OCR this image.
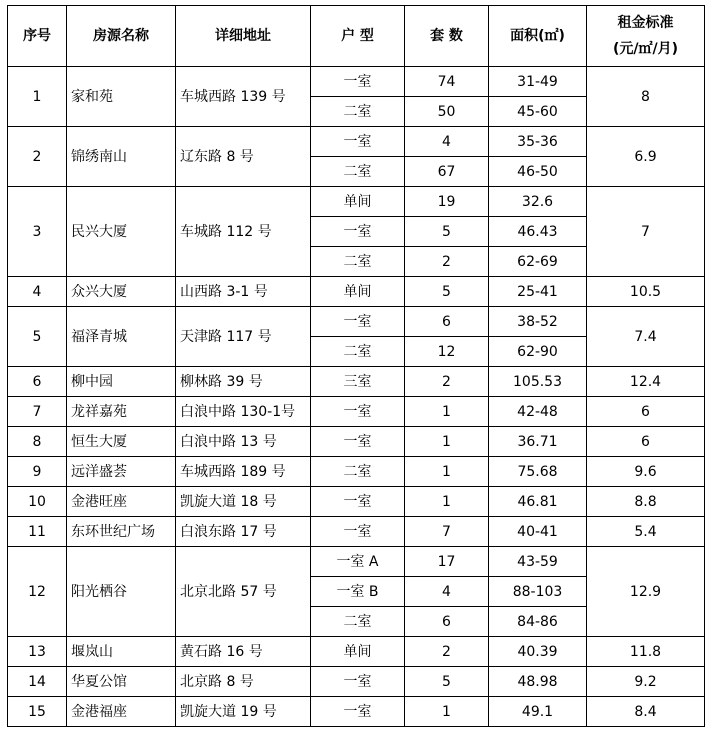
序号	房源名称	详细地址	户 型	套 数	面积(㎡)	租金标准
(元/㎡/月)

1	家和苑	车城西路 139 号	一室	74	31-49	8
			二室	50	45-60	
2	锦绣南山	辽东路 8 号	一室	4	35-36	6.9
			二室	67	46-50	
3	民兴大厦	车城路 112 号	单间	19	32.6	7
			一室	5	46.43	
			二室	2	62-69	
4	众兴大厦	山西路 3-1 号	单间	5	25-41	10.5
5	福泽青城	天津路 117 号	一室	6	38-52	7.4
			二室	12	62-90	
6	柳中园	柳林路 39 号	三室	2	105.53	12.4
7	龙祥嘉苑	白浪中路 130-1号	一室	1	42-48	6
8	恒生大厦	白浪中路 13 号	一室	1	36.71	6
9	远洋盛荟	车城西路 189 号	二室	1	75.68	9.6
10	金港旺座	凯旋大道 18 号	一室	1	46.81	8.8
11	东环世纪广场	白浪东路 17 号	一室	7	40-41	5.4
12	阳光栖谷	北京北路 57 号	一室 A	17	43-59	12.9
			一室 B	4	88-103	
			二室	6	84-86	
13	堰岚山	黄石路 16 号	单间	2	40.39	11.8
14	华夏公馆	北京路 8 号	一室	5	48.98	9.2
15	金港福座	凯旋大道 19 号	一室	1	49.1	8.4
